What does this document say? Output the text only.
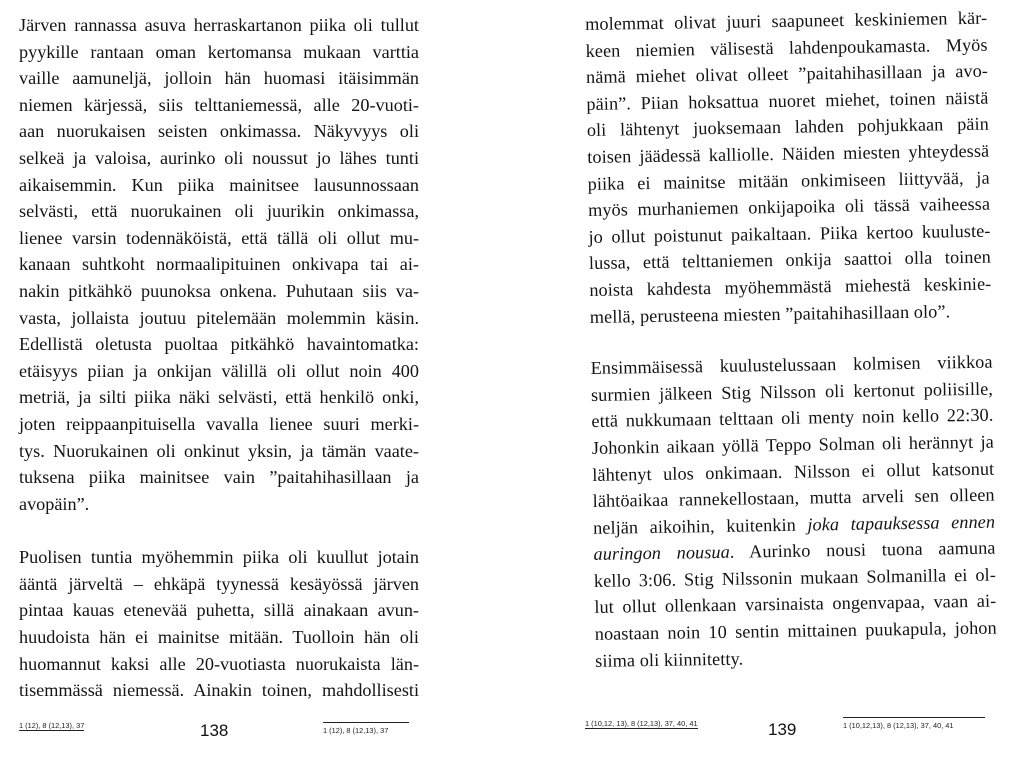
Järven rannassa asuva herraskartanon piika oli tullut
pyykille rantaan oman kertomansa mukaan varttia
vaille aamuneljä, jolloin hän huomasi itäisimmän
niemen kärjessä, siis telttaniemessä, alle 20-vuoti-
aan nuorukaisen seisten onkimassa. Näkyvyys oli
selkeä ja valoisa, aurinko oli noussut jo lähes tunti
aikaisemmin. Kun piika mainitsee lausunnossaan
selvästi, että nuorukainen oli juurikin onkimassa,
lienee varsin todennäköistä, että tällä oli ollut mu-
kanaan suhtkoht normaalipituinen onkivapa tai ai-
nakin pitkähkö puunoksa onkena. Puhutaan siis va-
vasta, jollaista joutuu pitelemään molemmin käsin.
Edellistä oletusta puoltaa pitkähkö havaintomatka:
etäisyys piian ja onkijan välillä oli ollut noin 400
metriä, ja silti piika näki selvästi, että henkilö onki,
joten reippaanpituisella vavalla lienee suuri merki-
tys. Nuorukainen oli onkinut yksin, ja tämän vaate-
tuksena piika mainitsee vain ”paitahihasillaan ja
avopäin”.
Puolisen tuntia myöhemmin piika oli kuullut jotain
ääntä järveltä – ehkäpä tyynessä kesäyössä järven
pintaa kauas etenevää puhetta, sillä ainakaan avun-
huudoista hän ei mainitse mitään. Tuolloin hän oli
huomannut kaksi alle 20-vuotiasta nuorukaista län-
tisemmässä niemessä. Ainakin toinen, mahdollisesti
1 (12), 8 (12,13), 37	138	1 (12), 8 (12,13), 37
molemmat olivat juuri saapuneet keskiniemen kär-
keen niemien välisestä lahdenpoukamasta. Myös
nämä miehet olivat olleet ”paitahihasillaan ja avo-
päin”. Piian hoksattua nuoret miehet, toinen näistä
oli lähtenyt juoksemaan lahden pohjukkaan päin
toisen jäädessä kalliolle. Näiden miesten yhteydessä
piika ei mainitse mitään onkimiseen liittyvää, ja
myös murhaniemen onkijapoika oli tässä vaiheessa
jo ollut poistunut paikaltaan. Piika kertoo kuuluste-
lussa, että telttaniemen onkija saattoi olla toinen
noista kahdesta myöhemmästä miehestä keskinie-
mellä, perusteena miesten ”paitahihasillaan olo”.
Ensimmäisessä kuulustelussaan kolmisen viikkoa
surmien jälkeen Stig Nilsson oli kertonut poliisille,
että nukkumaan telttaan oli menty noin kello 22:30.
Johonkin aikaan yöllä Teppo Solman oli herännyt ja
lähtenyt ulos onkimaan. Nilsson ei ollut katsonut
lähtöaikaa rannekellostaan, mutta arveli sen olleen
neljän aikoihin, kuitenkin joka tapauksessa ennen
auringon nousua. Aurinko nousi tuona aamuna
kello 3:06. Stig Nilssonin mukaan Solmanilla ei ol-
lut ollut ollenkaan varsinaista ongenvapaa, vaan ai-
noastaan noin 10 sentin mittainen puukapula, johon
siima oli kiinnitetty.
1 (10,12, 13), 8 (12,13), 37, 40, 41	139	1 (10,12,13), 8 (12,13), 37, 40, 41
